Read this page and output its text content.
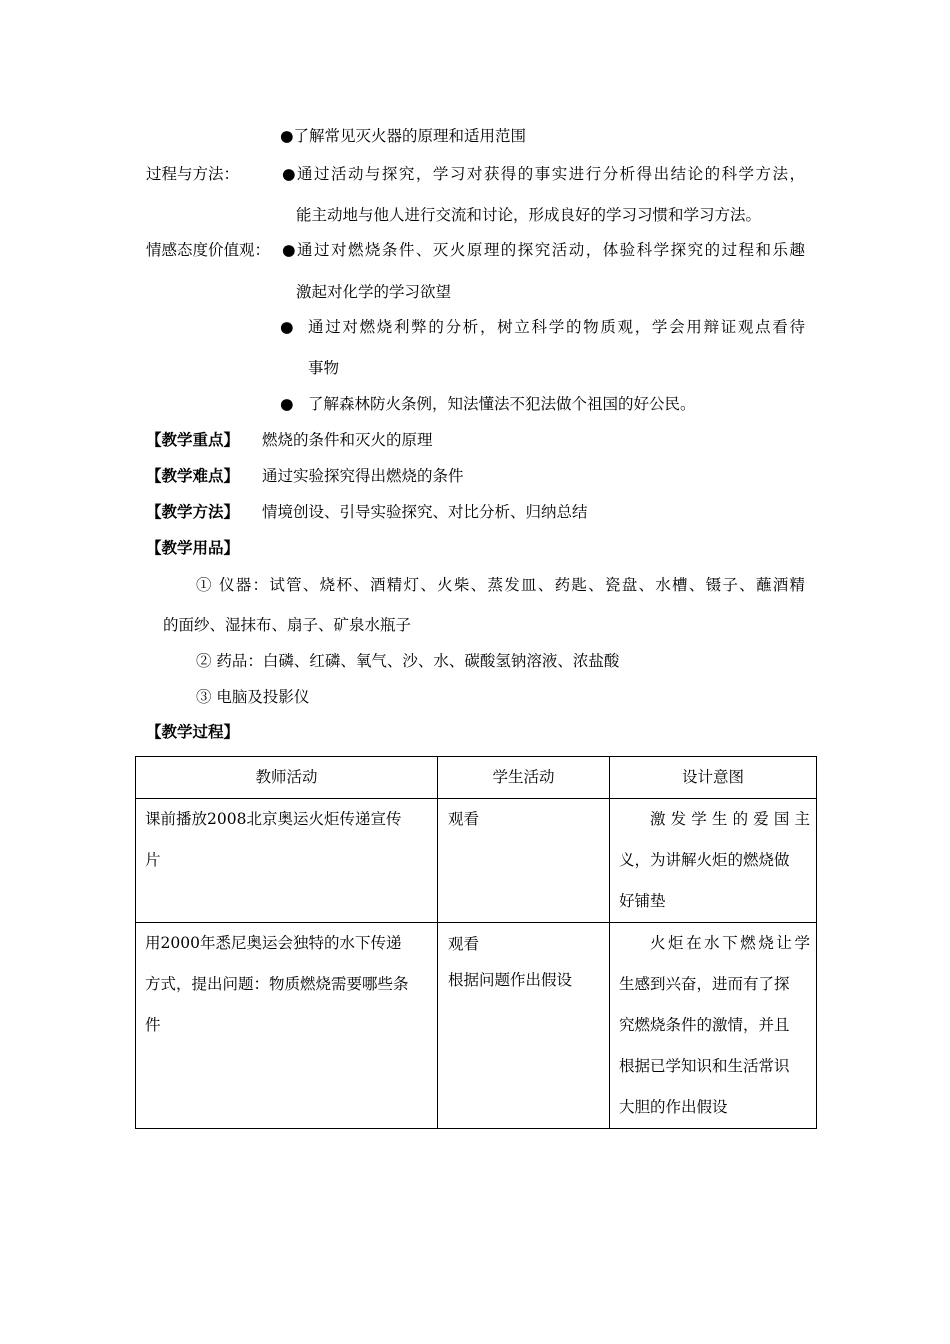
●了解常见灭火器的原理和适用范围
过程与方法：	●通过活动与探究，学习对获得的事实进行分析得出结论的科学方法，
能主动地与他人进行交流和讨论，形成良好的学习习惯和学习方法。
情感态度价值观： ●通过对燃烧条件、灭火原理的探究活动，体验科学探究的过程和乐趣
激起对化学的学习欲望
● 通过对燃烧利弊的分析，树立科学的物质观，学会用辩证观点看待
事物
● 了解森林防火条例，知法懂法不犯法做个祖国的好公民。
【教学重点】 燃烧的条件和灭火的原理
【教学难点】 通过实验探究得出燃烧的条件
【教学方法】 情境创设、引导实验探究、对比分析、归纳总结
【教学用品】
① 仪器：试管、烧杯、酒精灯、火柴、蒸发皿、药匙、瓷盘、水槽、镊子、蘸酒精
的面纱、湿抹布、扇子、矿泉水瓶子
② 药品：白磷、红磷、氧气、沙、水、碳酸氢钠溶液、浓盐酸
③ 电脑及投影仪
【教学过程】
教师活动	学生活动	设计意图

课前播放2008北京奥运火炬传递宣传
片	观看	激发学生的爱国主
义，为讲解火炬的燃烧做
好铺垫

用2000年悉尼奥运会独特的水下传递
方式，提出问题：物质燃烧需要哪些条
件	观看
根据问题作出假设	火炬在水下燃烧让学
生感到兴奋，进而有了探
究燃烧条件的激情，并且
根据已学知识和生活常识
大胆的作出假设
